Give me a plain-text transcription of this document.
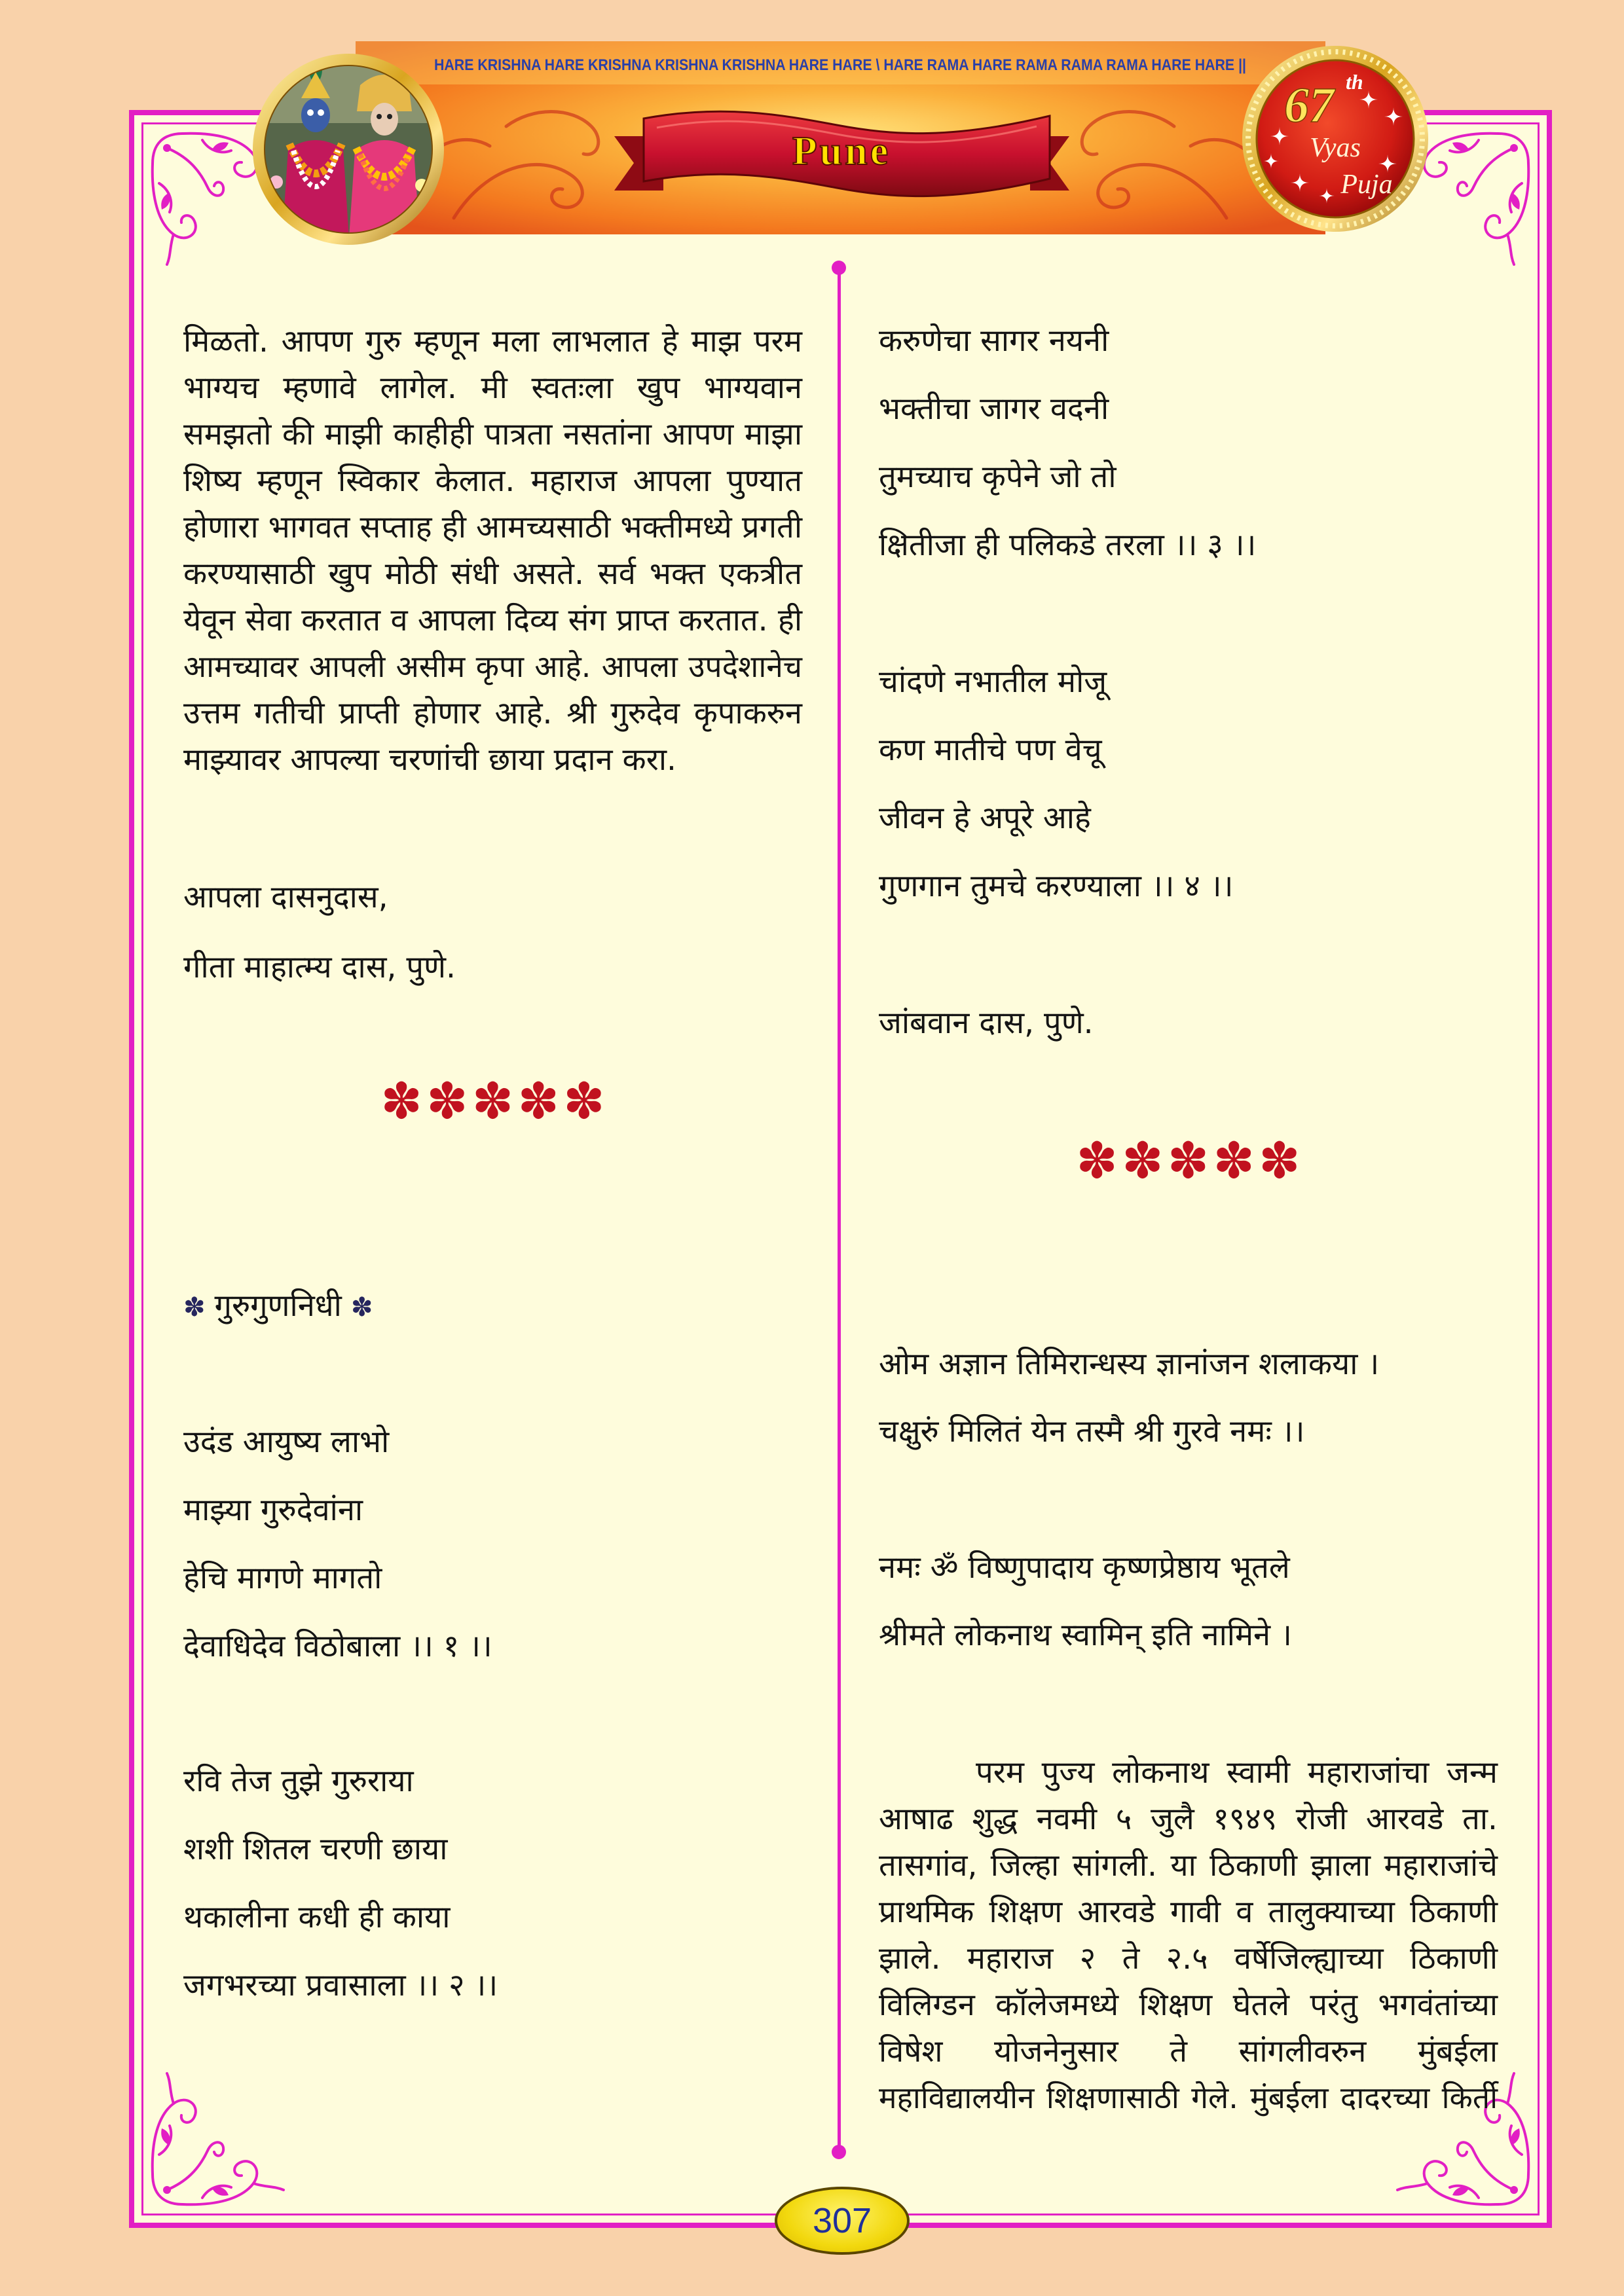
HARE KRISHNA HARE KRISHNA KRISHNA KRISHNA HARE HARE \ HARE RAMA HARE RAMA RAMA RAMA HARE HARE ||
Pune
67 th
Vyas
Puja
मिळतो. आपण गुरु म्हणून मला लाभलात हे माझ परम
भाग्यच म्हणावे लागेल. मी स्वतःला खुप भाग्यवान
समझतो की माझी काहीही पात्रता नसतांना आपण माझा
शिष्य म्हणून स्विकार केलात. महाराज आपला पुण्यात
होणारा भागवत सप्ताह ही आमच्यसाठी भक्तीमध्ये प्रगती
करण्यासाठी खुप मोठी संधी असते. सर्व भक्त एकत्रीत
येवून सेवा करतात व आपला दिव्य संग प्राप्त करतात. ही
आमच्यावर आपली असीम कृपा आहे. आपला उपदेशानेच
उत्तम गतीची प्राप्ती होणार आहे. श्री गुरुदेव कृपाकरुन
माझ्यावर आपल्या चरणांची छाया प्रदान करा.
आपला दासनुदास,
गीता माहात्म्य दास, पुणे.
✽✽✽✽✽
✽ गुरुगुणनिधी ✽
उदंड आयुष्य लाभो
माझ्या गुरुदेवांना
हेचि मागणे मागतो
देवाधिदेव विठोबाला ।। १ ।।
रवि तेज तुझे गुरुराया
शशी शितल चरणी छाया
थकालीना कधी ही काया
जगभरच्या प्रवासाला ।। २ ।।
करुणेचा सागर नयनी
भक्तीचा जागर वदनी
तुमच्याच कृपेने जो तो
क्षितीजा ही पलिकडे तरला ।। ३ ।।
चांदणे नभातील मोजू
कण मातीचे पण वेचू
जीवन हे अपूरे आहे
गुणगान तुमचे करण्याला ।। ४ ।।
जांबवान दास, पुणे.
✽✽✽✽✽
ओम अज्ञान तिमिरान्धस्य ज्ञानांजन शलाकया ।
चक्षुरुं मिलितं येन तस्मै श्री गुरवे नमः ।।
नमः ॐ विष्णुपादाय कृष्णप्रेष्ठाय भूतले
श्रीमते लोकनाथ स्वामिन् इति नामिने ।
परम पुज्य लोकनाथ स्वामी महाराजांचा जन्म
आषाढ शुद्ध नवमी ५ जुलै १९४९ रोजी आरवडे ता.
तासगांव, जिल्हा सांगली. या ठिकाणी झाला महाराजांचे
प्राथमिक शिक्षण आरवडे गावी व तालुक्याच्या ठिकाणी
झाले. महाराज २ ते २.५ वर्षेजिल्ह्याच्या ठिकाणी
विलिग्डन कॉलेजमध्ये शिक्षण घेतले परंतु भगवंतांच्या
विषेश योजनेनुसार ते सांगलीवरुन मुंबईला
महाविद्यालयीन शिक्षणासाठी गेले. मुंबईला दादरच्या किर्ती
307
